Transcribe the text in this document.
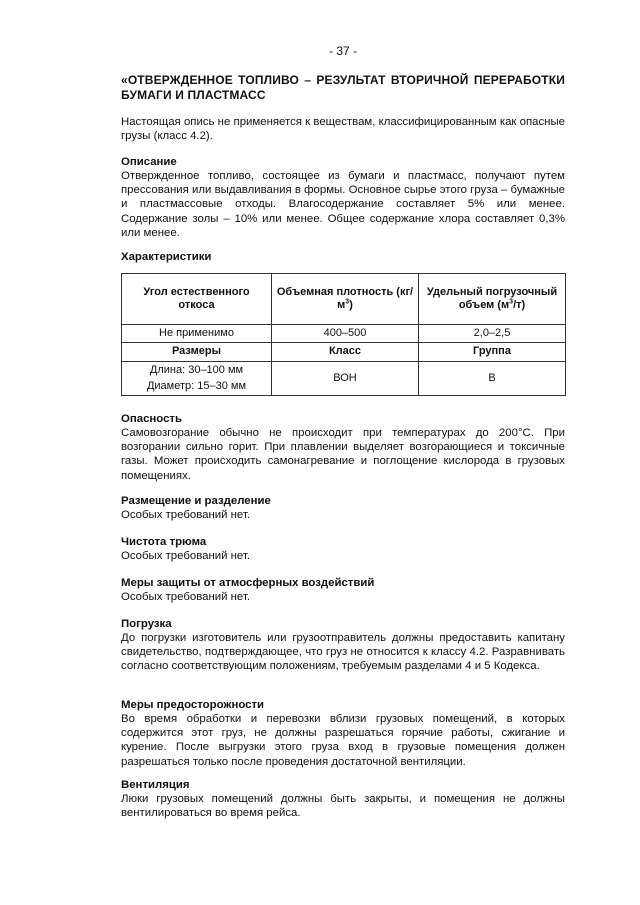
- 37 -
«ОТВЕРЖДЕННОЕ ТОПЛИВО – РЕЗУЛЬТАТ ВТОРИЧНОЙ ПЕРЕРАБОТКИ БУМАГИ И ПЛАСТМАСС

Настоящая опись не применяется к веществам, классифицированным как опасные грузы (класс 4.2).

Описание

Отвержденное топливо, состоящее из бумаги и пластмасс, получают путем прессования или выдавливания в формы. Основное сырье этого груза – бумажные и пластмассовые отходы. Влагосодержание составляет 5% или менее. Содержание золы – 10% или менее. Общее содержание хлора составляет 0,3% или менее.

Характеристики
Угол естественного откоса	Объемная плотность $(кг/м^3)$	Удельный погрузочный объем $(м^3/т)$
Не применимо	400–500	2,0–2,5
Размеры	Класс	Группа

Длина: 30–100 мм
Диаметр: 15–30 мм	ВОН	B
Опасность

Самовозгорание обычно не происходит при температурах до 200°C. При возгорании сильно горит. При плавлении выделяет возгорающиеся и токсичные газы. Может происходить самонагревание и поглощение кислорода в грузовых помещениях.

Размещение и разделение

Особых требований нет.

Чистота трюма

Особых требований нет.

Меры защиты от атмосферных воздействий

Особых требований нет.

Погрузка

До погрузки изготовитель или грузоотправитель должны предоставить капитану свидетельство, подтверждающее, что груз не относится к классу 4.2. Разравнивать согласно соответствующим положениям, требуемым разделами 4 и 5 Кодекса.

Меры предосторожности

Во время обработки и перевозки вблизи грузовых помещений, в которых содержится этот груз, не должны разрешаться горячие работы, сжигание и курение. После выгрузки этого груза вход в грузовые помещения должен разрешаться только после проведения достаточной вентиляции.

Вентиляция

Люки грузовых помещений должны быть закрыты, и помещения не должны вентилироваться во время рейса.
